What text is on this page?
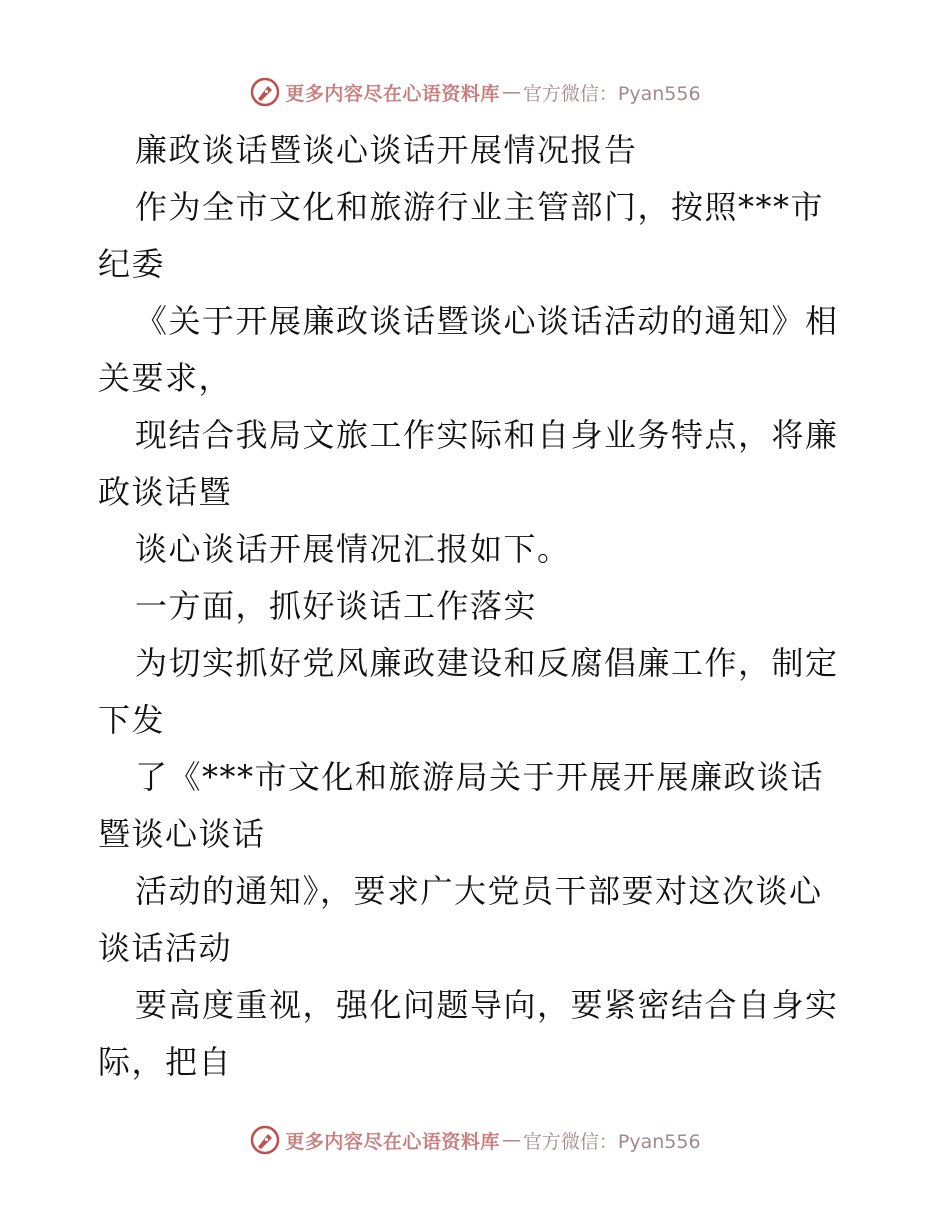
更多内容尽在心语资料库 — 官方微信：Pyan556
廉政谈话暨谈心谈话开展情况报告
作为全市文化和旅游行业主管部门，按照***市
纪委
《关于开展廉政谈话暨谈心谈话活动的通知》相
关要求，
现结合我局文旅工作实际和自身业务特点，将廉
政谈话暨
谈心谈话开展情况汇报如下。
一方面，抓好谈话工作落实
为切实抓好党风廉政建设和反腐倡廉工作，制定
下发
了《***市文化和旅游局关于开展开展廉政谈话
暨谈心谈话
活动的通知》，要求广大党员干部要对这次谈心
谈话活动
要高度重视，强化问题导向，要紧密结合自身实
际，把自
更多内容尽在心语资料库 — 官方微信：Pyan556
